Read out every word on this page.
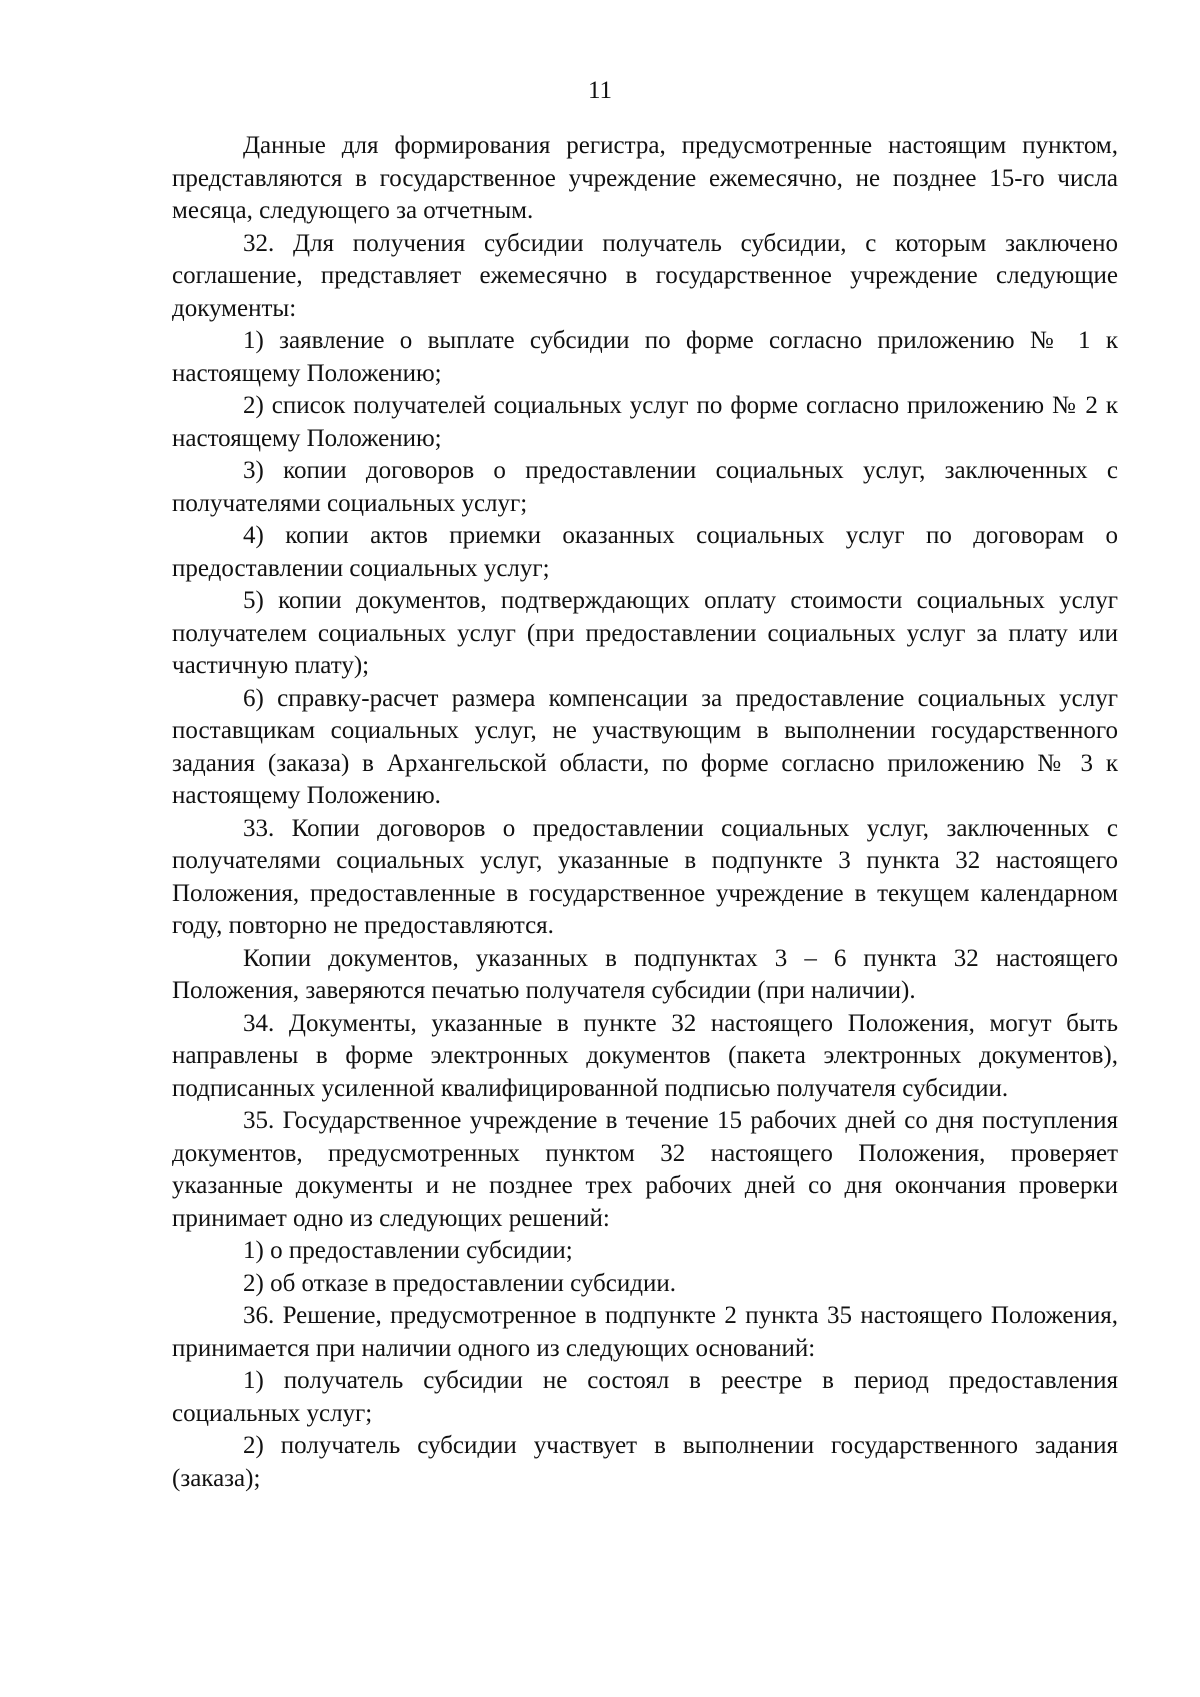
11

Данные для формирования регистра, предусмотренные настоящим пунктом, представляются в государственное учреждение ежемесячно, не позднее 15-го числа месяца, следующего за отчетным.

32. Для получения субсидии получатель субсидии, с которым заключено соглашение, представляет ежемесячно в государственное учреждение следующие документы:

1) заявление о выплате субсидии по форме согласно приложению № 1 к настоящему Положению;

2) список получателей социальных услуг по форме согласно приложению № 2 к настоящему Положению;

3) копии договоров о предоставлении социальных услуг, заключенных с получателями социальных услуг;

4) копии актов приемки оказанных социальных услуг по договорам о предоставлении социальных услуг;

5) копии документов, подтверждающих оплату стоимости социальных услуг получателем социальных услуг (при предоставлении социальных услуг за плату или частичную плату);

6) справку-расчет размера компенсации за предоставление социальных услуг поставщикам социальных услуг, не участвующим в выполнении государственного задания (заказа) в Архангельской области, по форме согласно приложению № 3 к настоящему Положению.

33. Копии договоров о предоставлении социальных услуг, заключенных с получателями социальных услуг, указанные в подпункте 3 пункта 32 настоящего Положения, предоставленные в государственное учреждение в текущем календарном году, повторно не предоставляются.

Копии документов, указанных в подпунктах 3 – 6 пункта 32 настоящего Положения, заверяются печатью получателя субсидии (при наличии).

34. Документы, указанные в пункте 32 настоящего Положения, могут быть направлены в форме электронных документов (пакета электронных документов), подписанных усиленной квалифицированной подписью получателя субсидии.

35. Государственное учреждение в течение 15 рабочих дней со дня поступления документов, предусмотренных пунктом 32 настоящего Положения, проверяет указанные документы и не позднее трех рабочих дней со дня окончания проверки принимает одно из следующих решений:

1) о предоставлении субсидии;

2) об отказе в предоставлении субсидии.

36. Решение, предусмотренное в подпункте 2 пункта 35 настоящего Положения, принимается при наличии одного из следующих оснований:

1) получатель субсидии не состоял в реестре в период предоставления социальных услуг;

2) получатель субсидии участвует в выполнении государственного задания (заказа);
